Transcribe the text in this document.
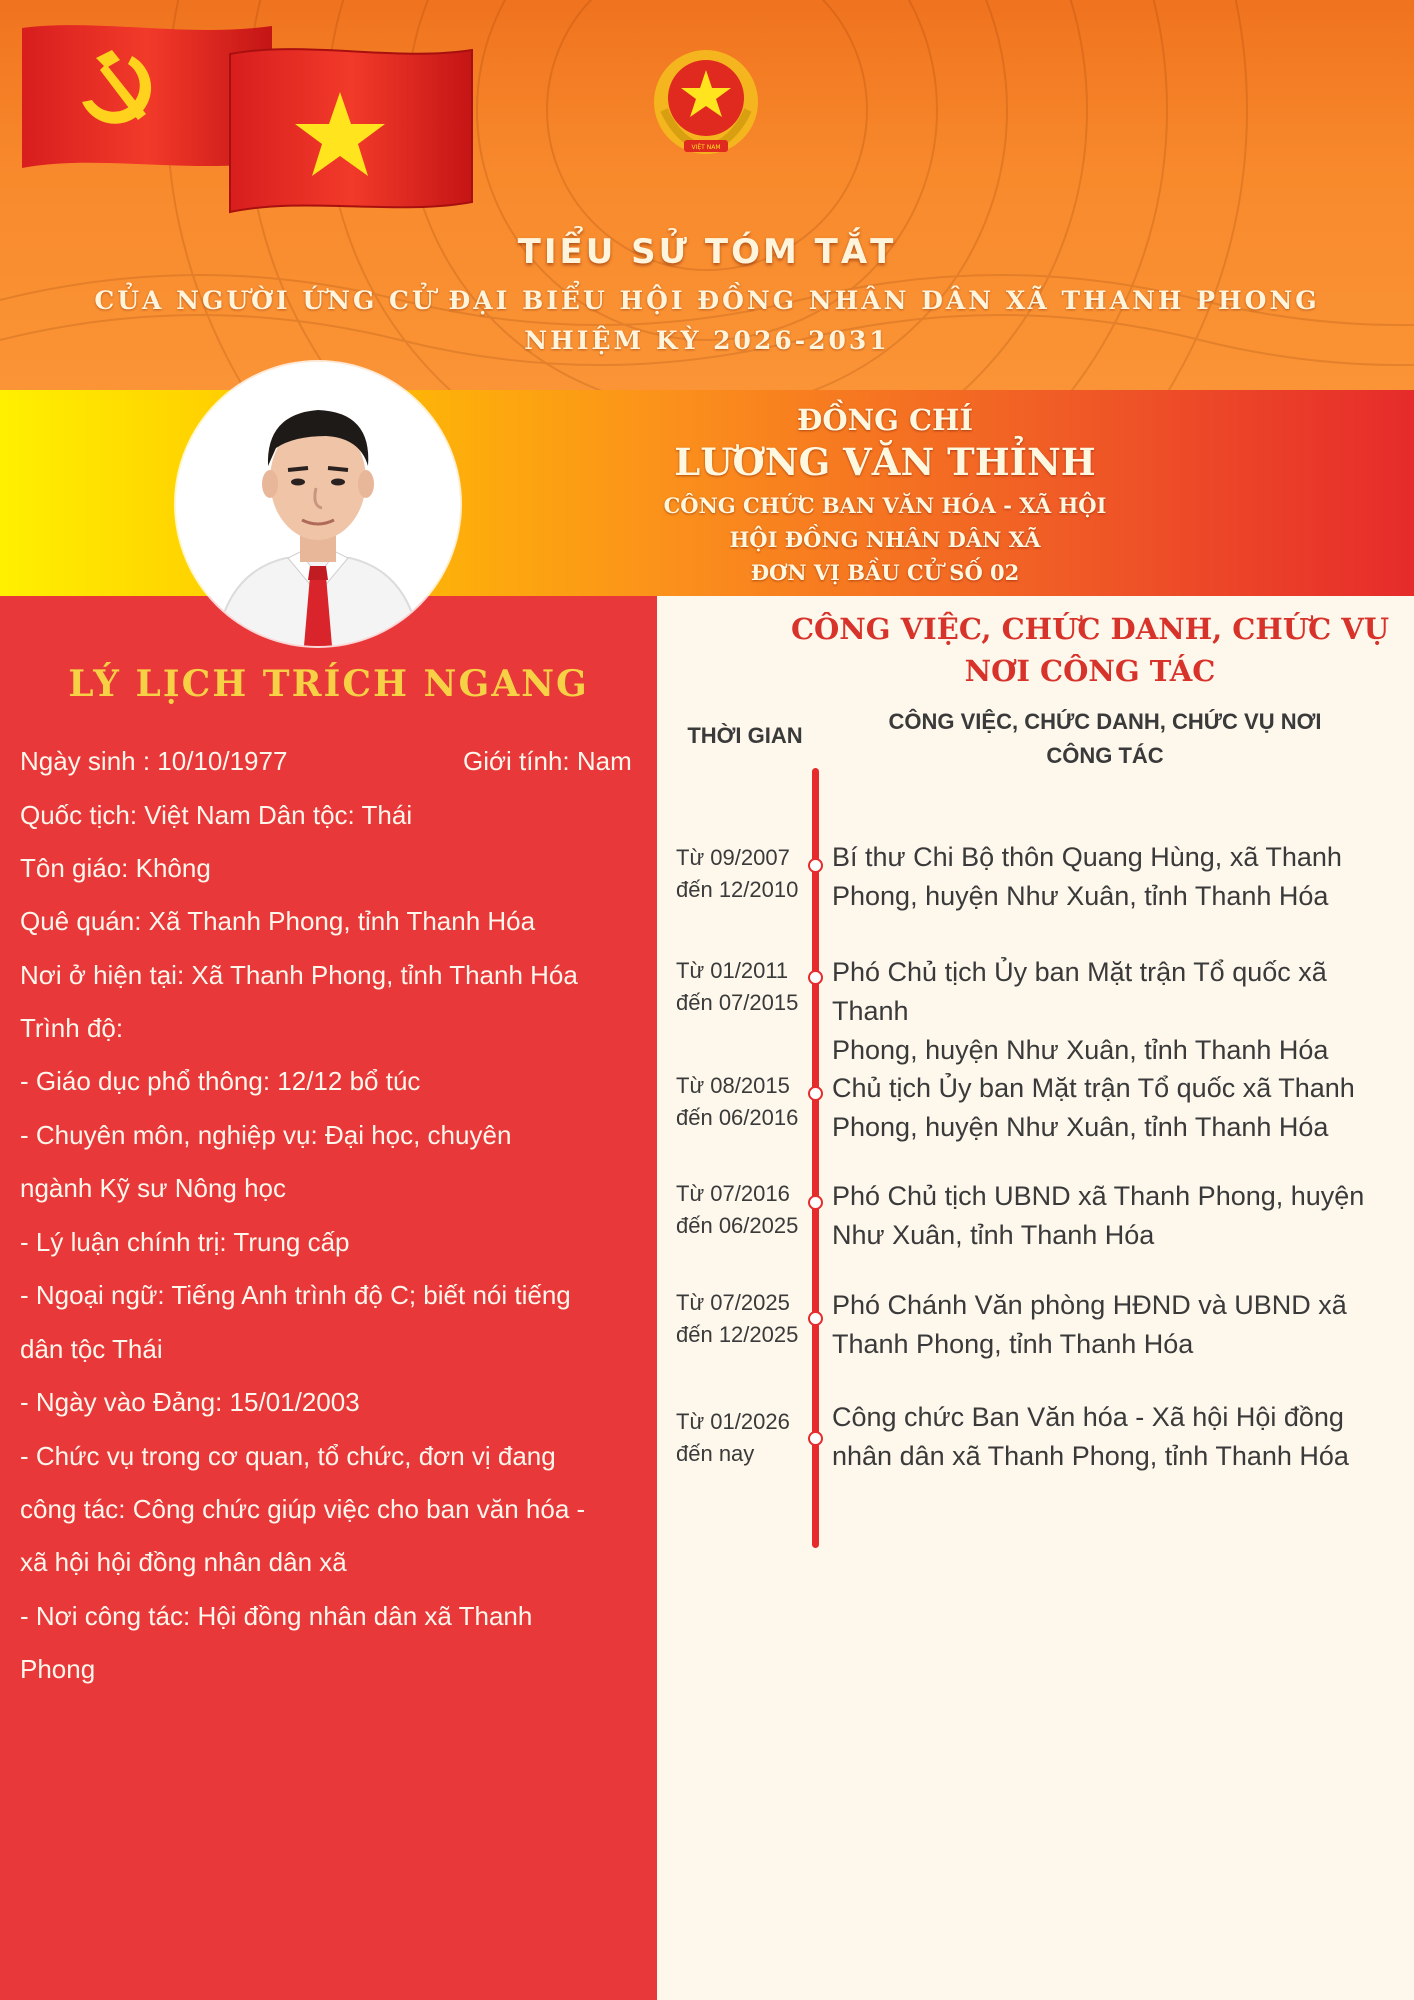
VIỆT NAM
TIỂU SỬ TÓM TẮT
CỦA NGƯỜI ỨNG CỬ ĐẠI BIỂU HỘI ĐỒNG NHÂN DÂN XÃ THANH PHONG
NHIỆM KỲ 2026-2031
ĐỒNG CHÍ
LƯƠNG VĂN THỈNH
CÔNG CHỨC BAN VĂN HÓA - XÃ HỘI
HỘI ĐỒNG NHÂN DÂN XÃ
ĐƠN VỊ BẦU CỬ SỐ 02
LÝ LỊCH TRÍCH NGANG
Ngày sinh : 10/10/1977	Giới tính: Nam
Quốc tịch: Việt Nam Dân tộc: Thái
Tôn giáo: Không
Quê quán: Xã Thanh Phong, tỉnh Thanh Hóa
Nơi ở hiện tại: Xã Thanh Phong, tỉnh Thanh Hóa
Trình độ:
- Giáo dục phổ thông: 12/12 bổ túc
- Chuyên môn, nghiệp vụ: Đại học, chuyên
ngành Kỹ sư Nông học
- Lý luận chính trị: Trung cấp
- Ngoại ngữ: Tiếng Anh trình độ C; biết nói tiếng
dân tộc Thái
- Ngày vào Đảng: 15/01/2003
- Chức vụ trong cơ quan, tổ chức, đơn vị đang
công tác: Công chức giúp việc cho ban văn hóa -
xã hội hội đồng nhân dân xã
- Nơi công tác: Hội đồng nhân dân xã Thanh
Phong
CÔNG VIỆC, CHỨC DANH, CHỨC VỤ
NƠI CÔNG TÁC
THỜI GIAN
CÔNG VIỆC, CHỨC DANH, CHỨC VỤ NƠI
CÔNG TÁC
Từ 09/2007
đến 12/2010
Bí thư Chi Bộ thôn Quang Hùng, xã Thanh
Phong, huyện Như Xuân, tỉnh Thanh Hóa
Từ 01/2011
đến 07/2015
Phó Chủ tịch Ủy ban Mặt trận Tổ quốc xã Thanh
Phong, huyện Như Xuân, tỉnh Thanh Hóa
Từ 08/2015
đến 06/2016
Chủ tịch Ủy ban Mặt trận Tổ quốc xã Thanh
Phong, huyện Như Xuân, tỉnh Thanh Hóa
Từ 07/2016
đến 06/2025
Phó Chủ tịch UBND xã Thanh Phong, huyện
Như Xuân, tỉnh Thanh Hóa
Từ 07/2025
đến 12/2025
Phó Chánh Văn phòng HĐND và UBND xã
Thanh Phong, tỉnh Thanh Hóa
Từ 01/2026
đến nay
Công chức Ban Văn hóa - Xã hội Hội đồng
nhân dân xã Thanh Phong, tỉnh Thanh Hóa
